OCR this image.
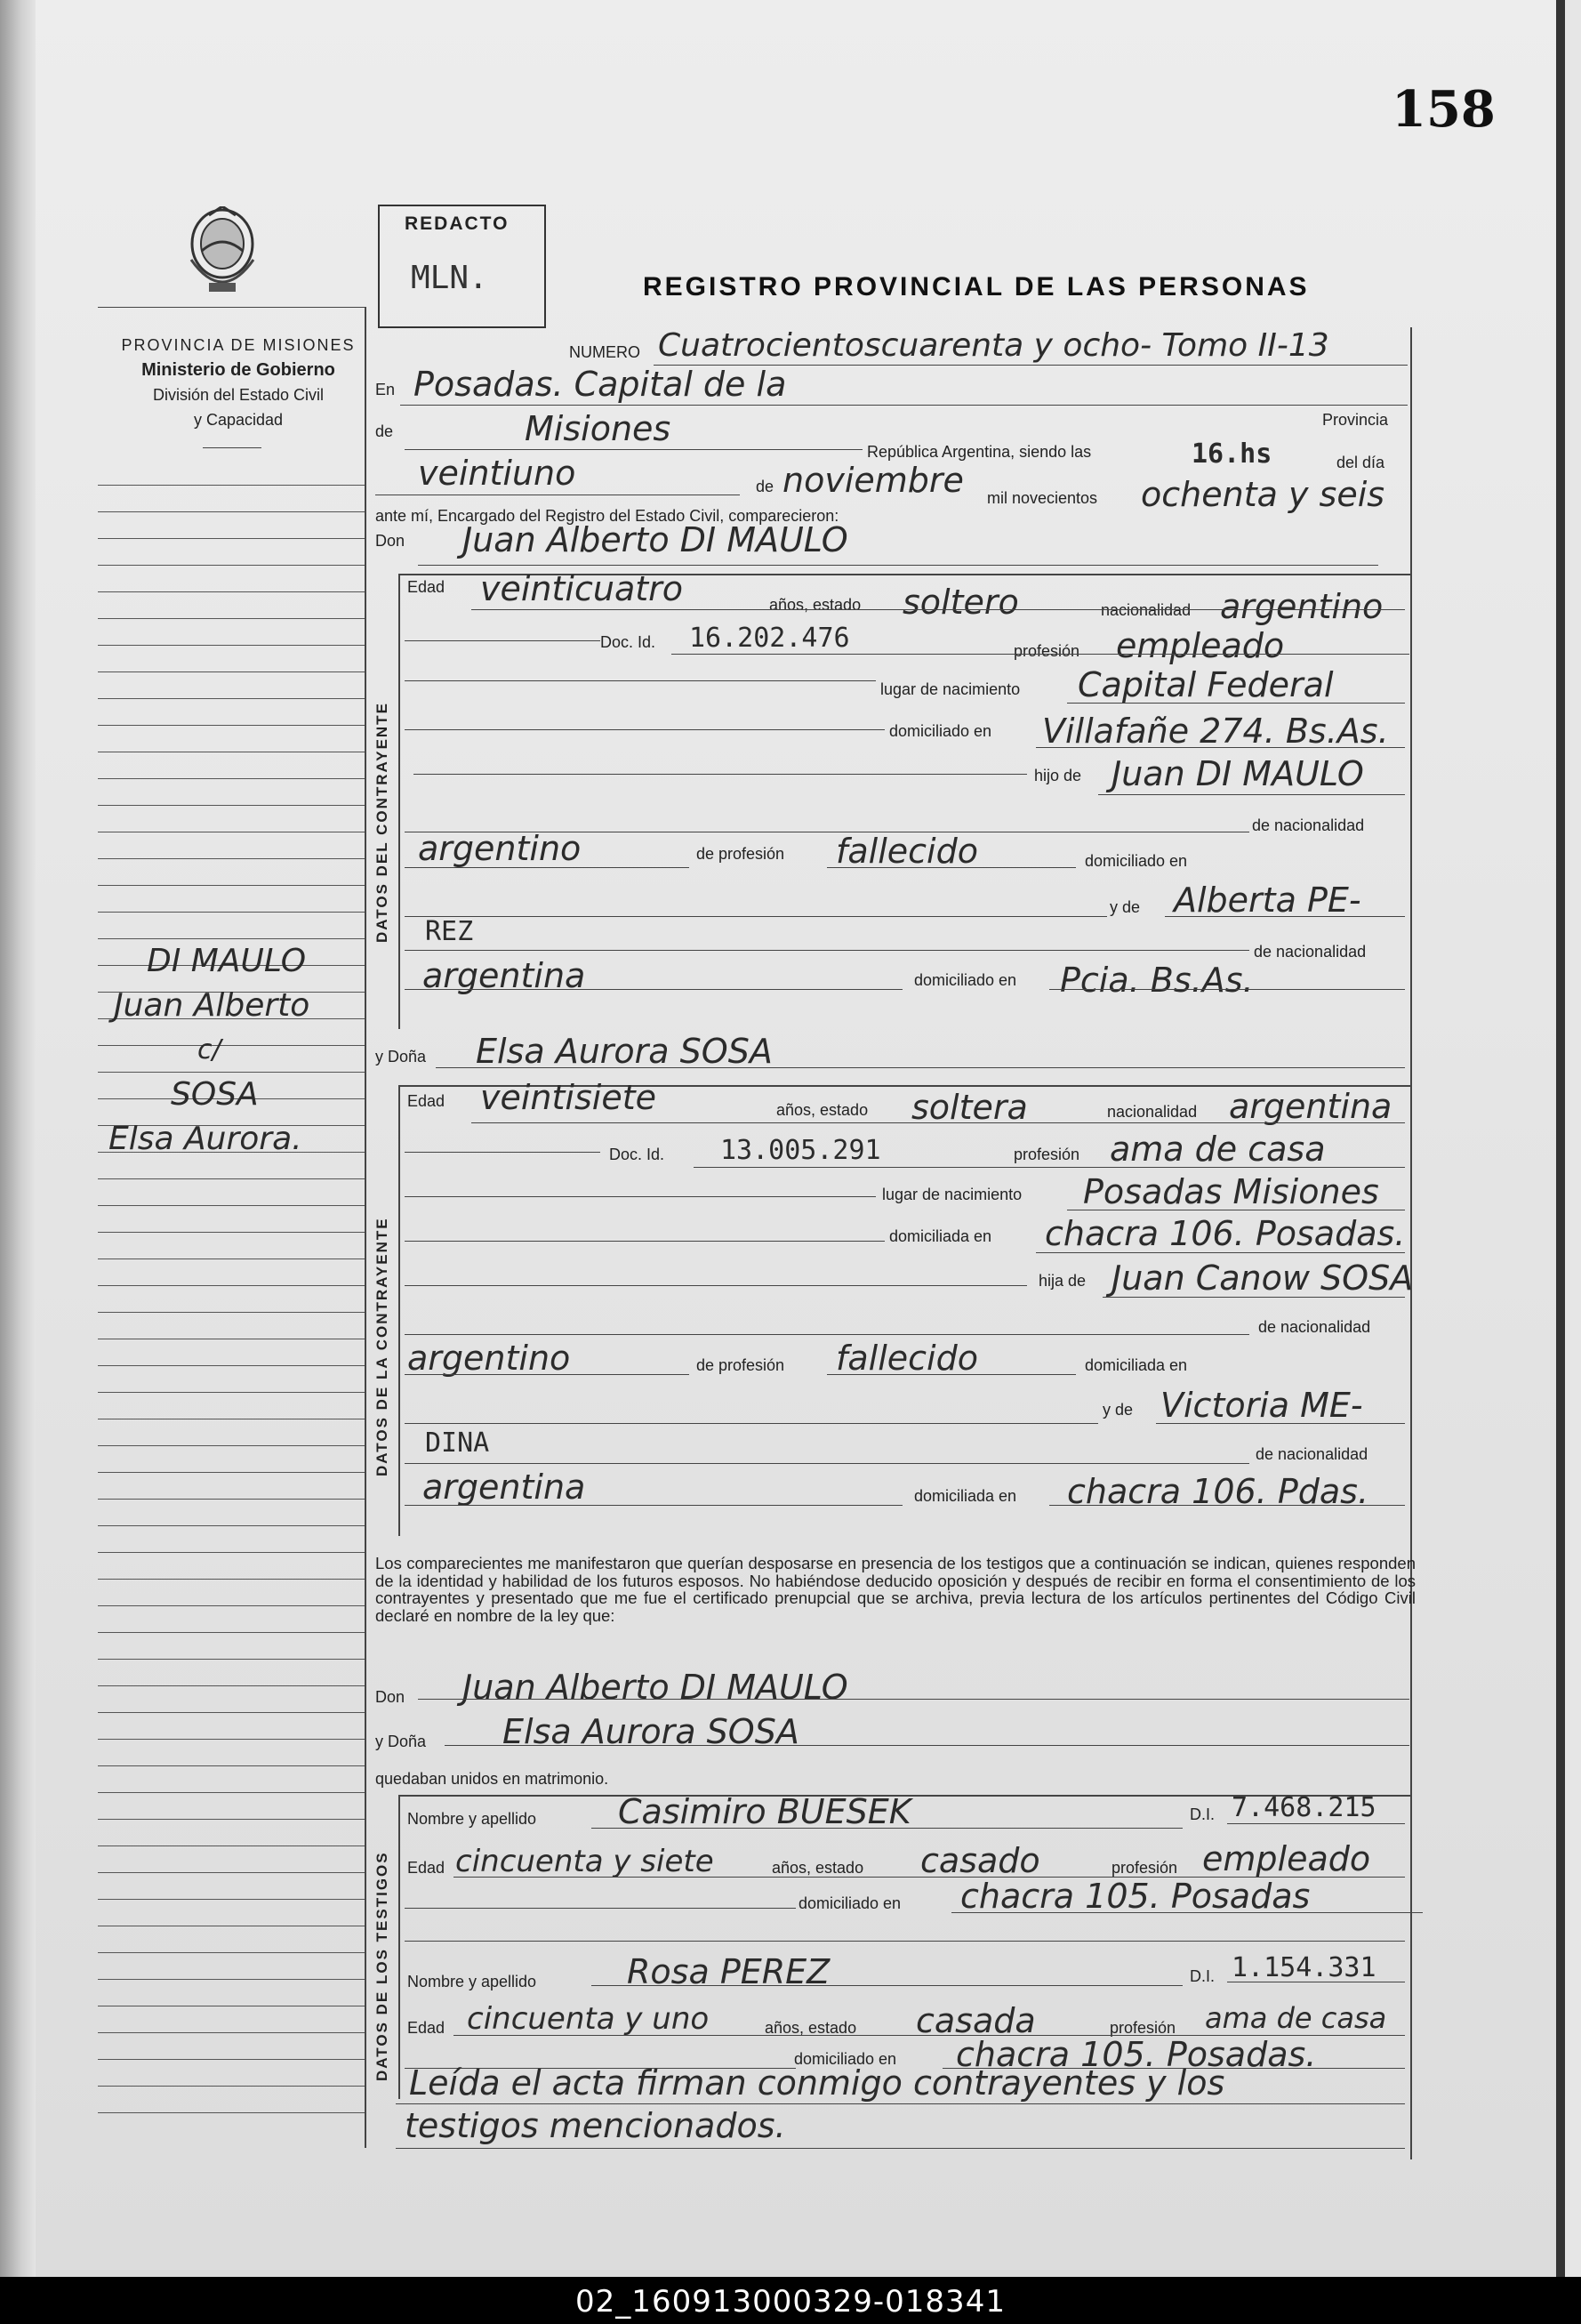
158
PROVINCIA DE MISIONES
Ministerio de Gobierno
División del Estado Civil
y Capacidad
DI MAULO
Juan Alberto
c/
SOSA
Elsa Aurora.
REDACTO
MLN.	REGISTRO PROVINCIAL DE LAS PERSONAS
NUMERO Cuatrocientoscuarenta y ocho- Tomo II-13
En Posadas. Capital de la
Provincia
de	Misiones
República Argentina, siendo las	16.hs	del día
veintiuno	de noviembre mil novecientos ochenta y seis
ante mí, Encargado del Registro del Estado Civil, comparecieron:
Don Juan Alberto DI MAULO
DATOS DEL CONTRAYENTE
Edad veinticuatro	años, estado soltero	nacionalidad argentino
Doc. Id. 16.202.476	profesión empleado
lugar de nacimiento Capital Federal
domiciliado en Villafañe 274. Bs.As.
hijo de Juan DI MAULO
de nacionalidad
argentino	de profesión fallecido	domiciliado en
y de Alberta PE-
REZ
de nacionalidad
argentina	domiciliado en Pcia. Bs.As.
y Doña Elsa Aurora SOSA
DATOS DE LA CONTRAYENTE
Edad veintisiete	años, estado soltera	nacionalidad argentina
Doc. Id. 13.005.291	profesión ama de casa
lugar de nacimiento Posadas Misiones
domiciliada en chacra 106. Posadas.
hija de Juan Canow SOSA
de nacionalidad
argentino	de profesión fallecido	domiciliada en
y de Victoria ME-
DINA	de nacionalidad
argentina	domiciliada en chacra 106. Pdas.
Los comparecientes me manifestaron que querían desposarse en presencia de los testigos que a continuación se indican, quienes responden de la identidad y habilidad de los futuros esposos. No habiéndose deducido oposición y después de recibir en forma el consentimiento de los contrayentes y presentado que me fue el certificado prenupcial que se archiva, previa lectura de los artículos pertinentes del Código Civil declaré en nombre de la ley que:
Don Juan Alberto DI MAULO
y Doña Elsa Aurora SOSA
quedaban unidos en matrimonio.
DATOS DE LOS TESTIGOS
Nombre y apellido Casimiro BUESEK	D.I. 7.468.215
Edad cincuenta y siete	años, estado casado	profesión empleado
domiciliado en chacra 105. Posadas
Nombre y apellido	Rosa PEREZ	D.I. 1.154.331
Edad cincuenta y uno	años, estado casada	profesión ama de casa
domiciliado en chacra 105. Posadas.
Leída el acta firman conmigo contrayentes y los
testigos mencionados.
02_160913000329-018341
